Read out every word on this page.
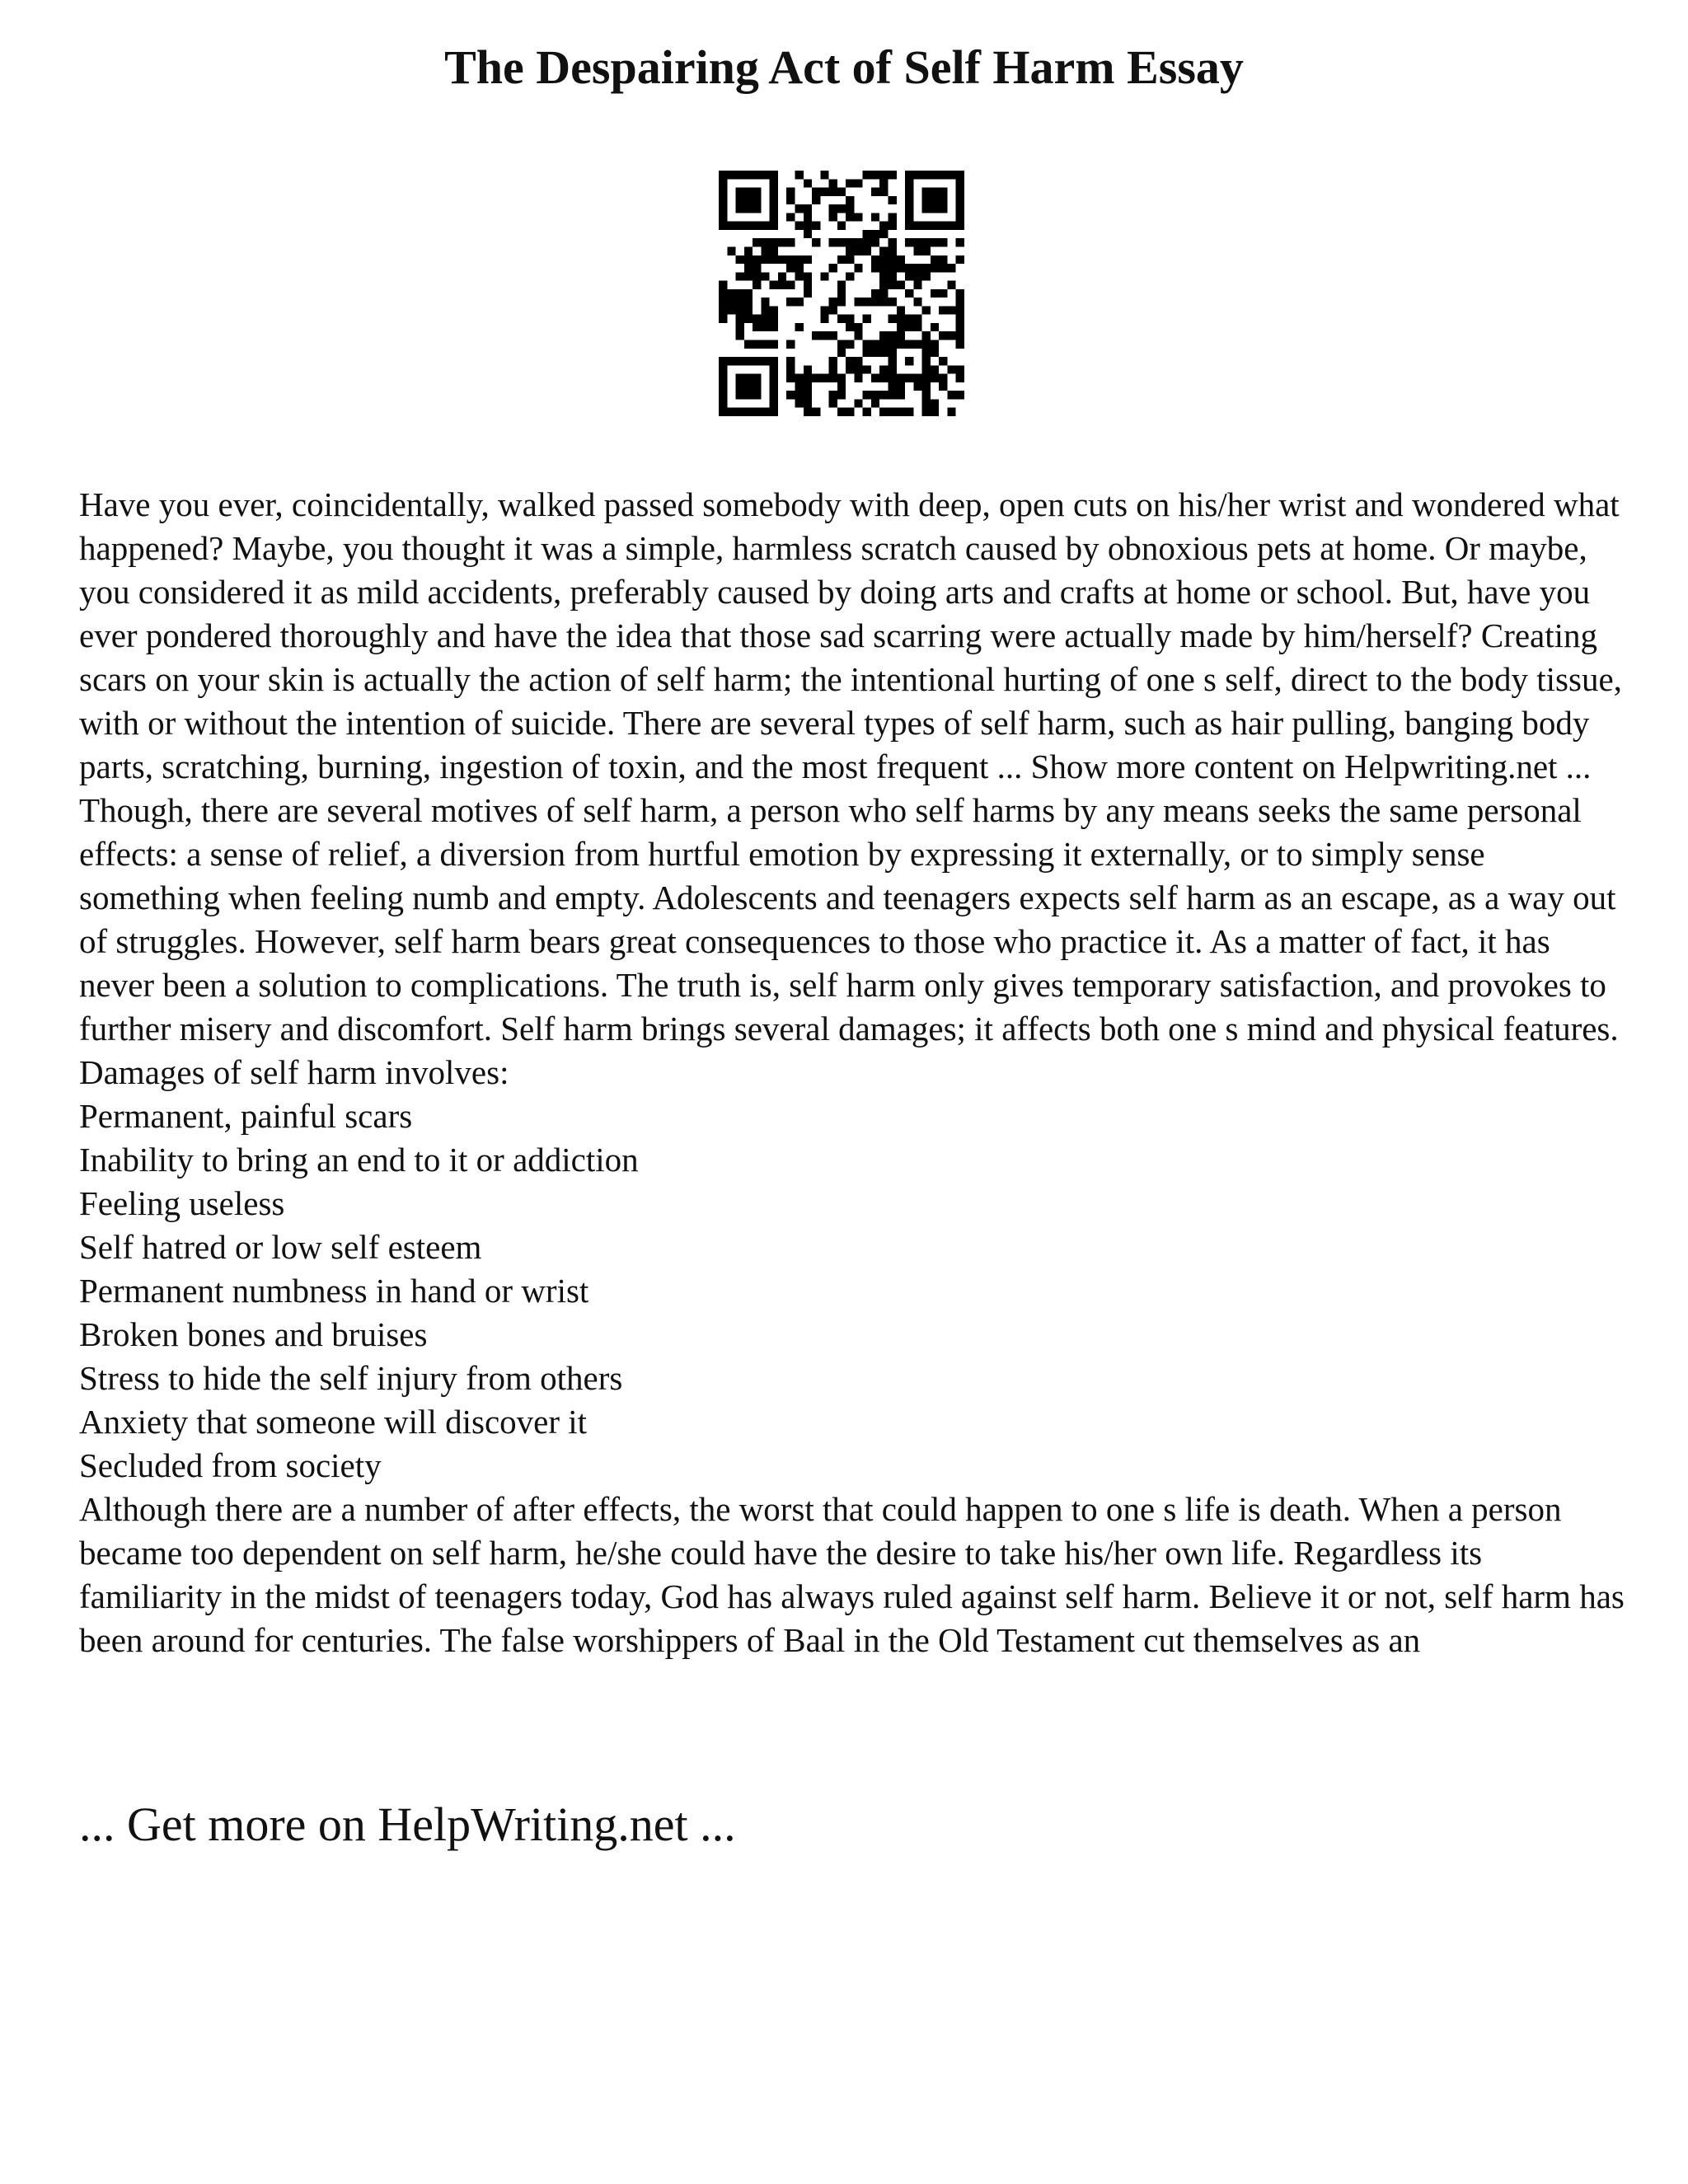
The Despairing Act of Self Harm Essay

Have you ever, coincidentally, walked passed somebody with deep, open cuts on his/her wrist and wondered what happened? Maybe, you thought it was a simple, harmless scratch caused by obnoxious pets at home. Or maybe, you considered it as mild accidents, preferably caused by doing arts and crafts at home or school. But, have you ever pondered thoroughly and have the idea that those sad scarring were actually made by him/herself? Creating scars on your skin is actually the action of self harm; the intentional hurting of one s self, direct to the body tissue, with or without the intention of suicide. There are several types of self harm, such as hair pulling, banging body parts, scratching, burning, ingestion of toxin, and the most frequent ... Show more content on Helpwriting.net ...

Though, there are several motives of self harm, a person who self harms by any means seeks the same personal effects: a sense of relief, a diversion from hurtful emotion by expressing it externally, or to simply sense something when feeling numb and empty. Adolescents and teenagers expects self harm as an escape, as a way out of struggles. However, self harm bears great consequences to those who practice it. As a matter of fact, it has never been a solution to complications. The truth is, self harm only gives temporary satisfaction, and provokes to further misery and discomfort. Self harm brings several damages; it affects both one s mind and physical features. Damages of self harm involves:

Permanent, painful scars
Inability to bring an end to it or addiction
Feeling useless
Self hatred or low self esteem
Permanent numbness in hand or wrist
Broken bones and bruises
Stress to hide the self injury from others
Anxiety that someone will discover it
Secluded from society

Although there are a number of after effects, the worst that could happen to one s life is death. When a person became too dependent on self harm, he/she could have the desire to take his/her own life. Regardless its familiarity in the midst of teenagers today, God has always ruled against self harm. Believe it or not, self harm has been around for centuries. The false worshippers of Baal in the Old Testament cut themselves as an

... Get more on HelpWriting.net ...
